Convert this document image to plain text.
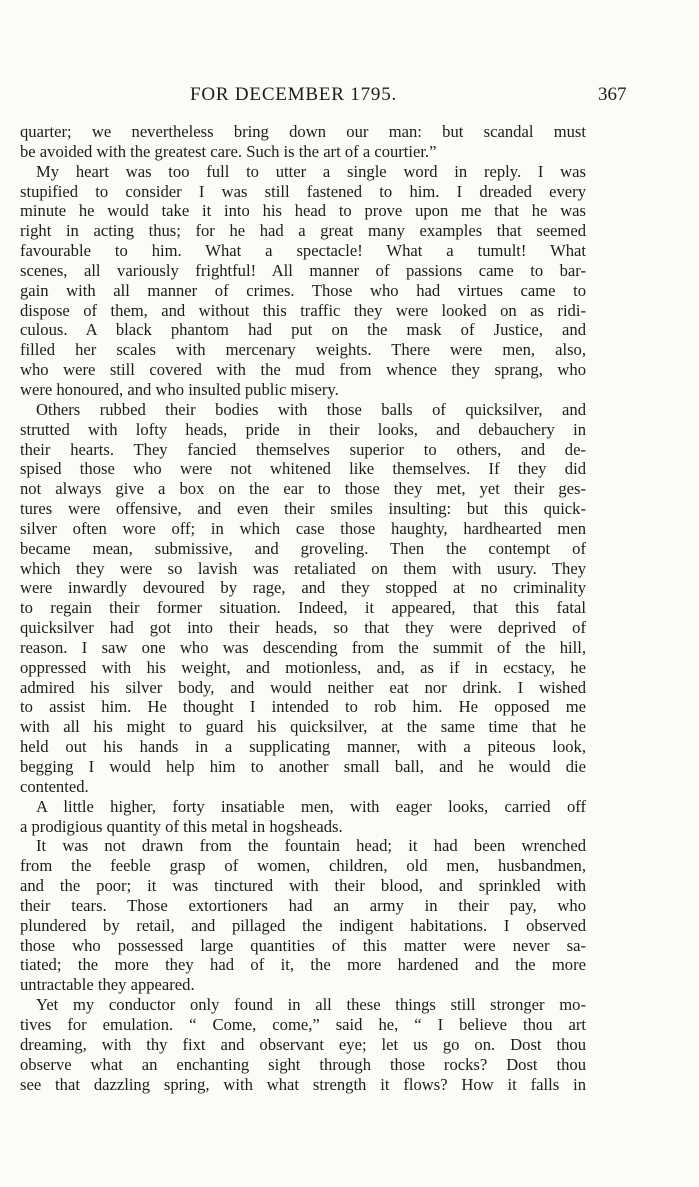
FOR DECEMBER 1795.	367
quarter; we nevertheless bring down our man: but scandal must
be avoided with the greatest care. Such is the art of a courtier.”
My heart was too full to utter a single word in reply. I was
stupified to consider I was still fastened to him. I dreaded every
minute he would take it into his head to prove upon me that he was
right in acting thus; for he had a great many examples that seemed
favourable to him. What a spectacle! What a tumult! What
scenes, all variously frightful! All manner of passions came to bar-
gain with all manner of crimes. Those who had virtues came to
dispose of them, and without this traffic they were looked on as ridi-
culous. A black phantom had put on the mask of Justice, and
filled her scales with mercenary weights. There were men, also,
who were still covered with the mud from whence they sprang, who
were honoured, and who insulted public misery.
Others rubbed their bodies with those balls of quicksilver, and
strutted with lofty heads, pride in their looks, and debauchery in
their hearts. They fancied themselves superior to others, and de-
spised those who were not whitened like themselves. If they did
not always give a box on the ear to those they met, yet their ges-
tures were offensive, and even their smiles insulting: but this quick-
silver often wore off; in which case those haughty, hardhearted men
became mean, submissive, and groveling. Then the contempt of
which they were so lavish was retaliated on them with usury. They
were inwardly devoured by rage, and they stopped at no criminality
to regain their former situation. Indeed, it appeared, that this fatal
quicksilver had got into their heads, so that they were deprived of
reason. I saw one who was descending from the summit of the hill,
oppressed with his weight, and motionless, and, as if in ecstacy, he
admired his silver body, and would neither eat nor drink. I wished
to assist him. He thought I intended to rob him. He opposed me
with all his might to guard his quicksilver, at the same time that he
held out his hands in a supplicating manner, with a piteous look,
begging I would help him to another small ball, and he would die
contented.
A little higher, forty insatiable men, with eager looks, carried off
a prodigious quantity of this metal in hogsheads.
It was not drawn from the fountain head; it had been wrenched
from the feeble grasp of women, children, old men, husbandmen,
and the poor; it was tinctured with their blood, and sprinkled with
their tears. Those extortioners had an army in their pay, who
plundered by retail, and pillaged the indigent habitations. I observed
those who possessed large quantities of this matter were never sa-
tiated; the more they had of it, the more hardened and the more
untractable they appeared.
Yet my conductor only found in all these things still stronger mo-
tives for emulation. “ Come, come,” said he, “ I believe thou art
dreaming, with thy fixt and observant eye; let us go on. Dost thou
observe what an enchanting sight through those rocks? Dost thou
see that dazzling spring, with what strength it flows? How it falls in
